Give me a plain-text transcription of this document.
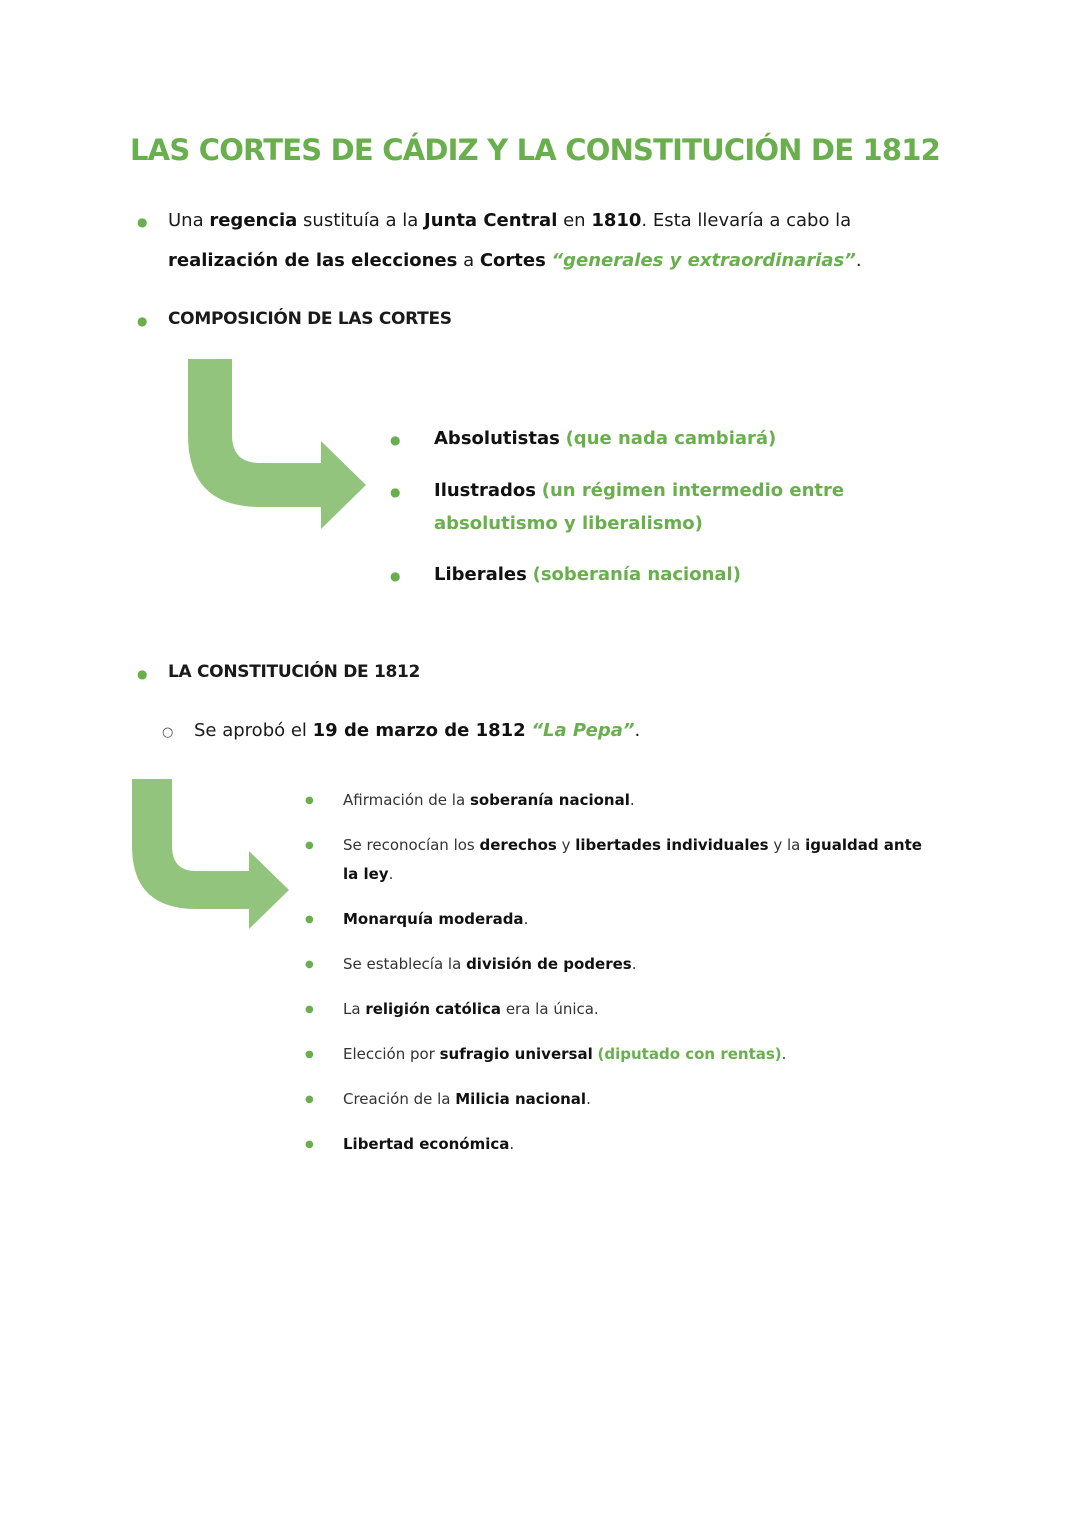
LAS CORTES DE CÁDIZ Y LA CONSTITUCIÓN DE 1812
● Una regencia sustituía a la Junta Central en 1810. Esta llevaría a cabo la realización de las elecciones a Cortes “generales y extraordinarias”.

● COMPOSICIÓN DE LAS CORTES
● Absolutistas (que nada cambiará)
● Ilustrados (un régimen intermedio entre absolutismo y liberalismo)
● Liberales (soberanía nacional)
● LA CONSTITUCIÓN DE 1812
○ Se aprobó el 19 de marzo de 1812 “La Pepa”.
● Afirmación de la soberanía nacional.
● Se reconocían los derechos y libertades individuales y la igualdad ante la ley.
● Monarquía moderada.
● Se establecía la división de poderes.
● La religión católica era la única.
● Elección por sufragio universal (diputado con rentas).
● Creación de la Milicia nacional.
● Libertad económica.
